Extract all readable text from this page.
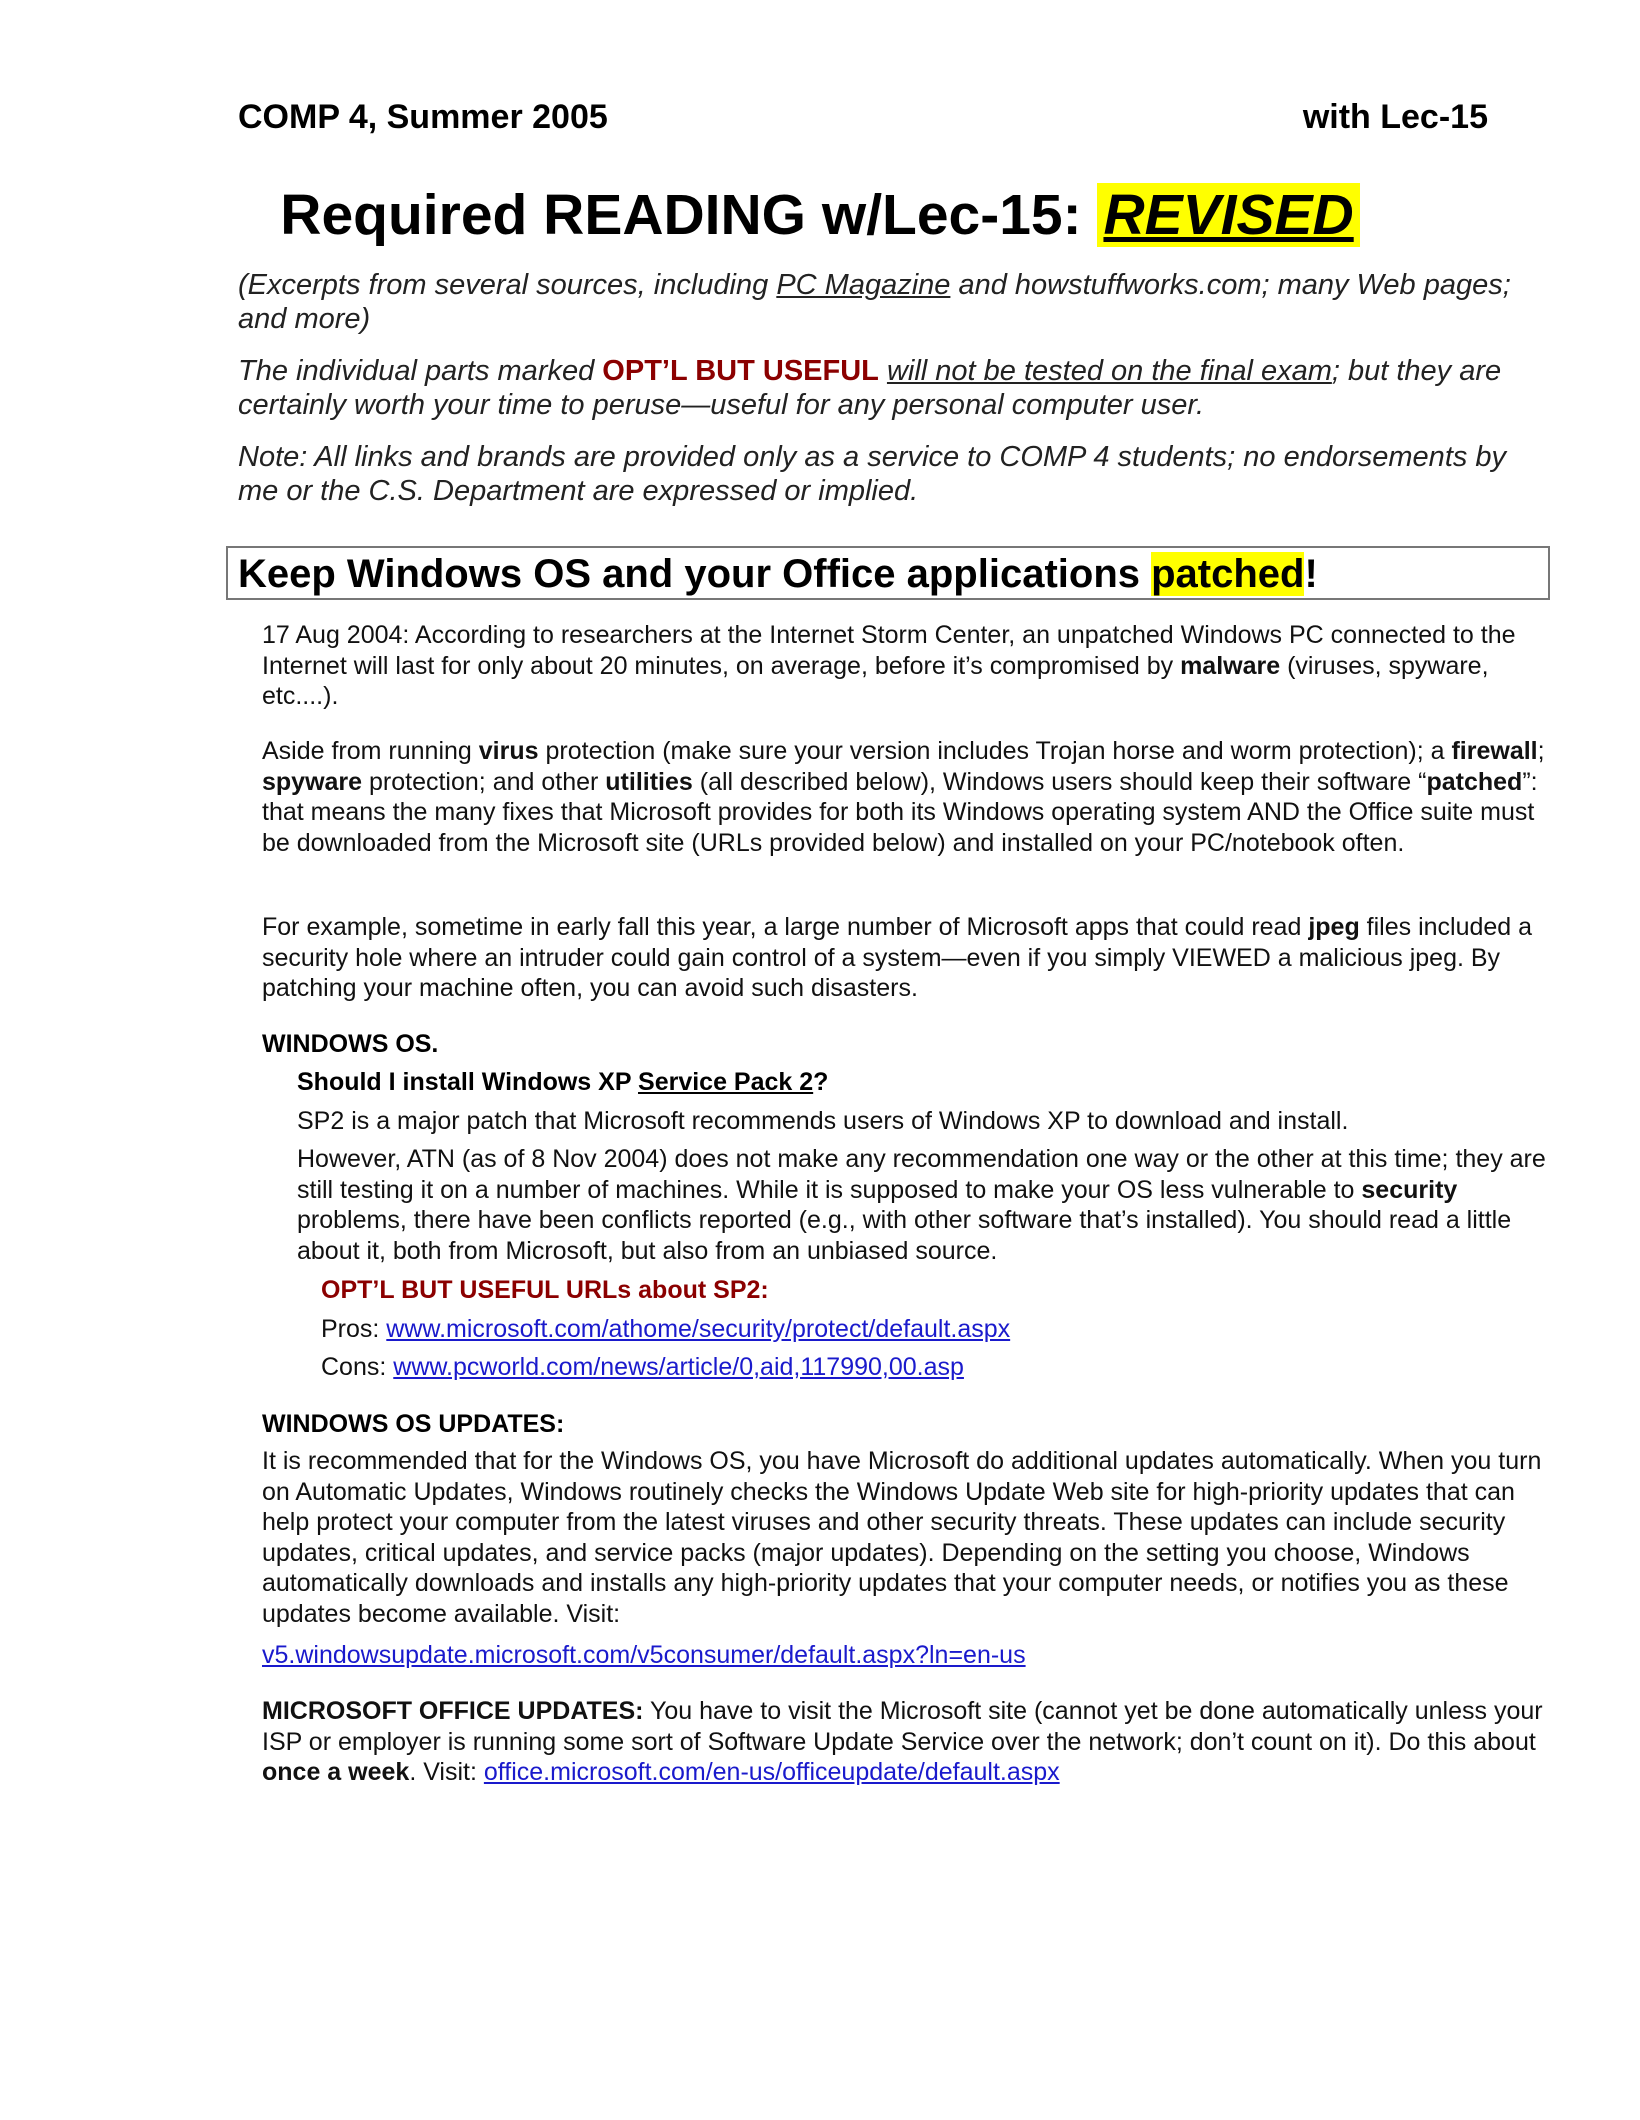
COMP 4, Summer 2005	with Lec-15
Required READING w/Lec-15: REVISED
(Excerpts from several sources, including PC Magazine and howstuffworks.com; many Web pages; and more)
The individual parts marked OPT’L BUT USEFUL will not be tested on the final exam; but they are certainly worth your time to peruse—useful for any personal computer user.
Note: All links and brands are provided only as a service to COMP 4 students; no endorsements by me or the C.S. Department are expressed or implied.
Keep Windows OS and your Office applications patched!
17 Aug 2004: According to researchers at the Internet Storm Center, an unpatched Windows PC connected to the Internet will last for only about 20 minutes, on average, before it’s compromised by malware (viruses, spyware, etc....).
Aside from running virus protection (make sure your version includes Trojan horse and worm protection); a firewall; spyware protection; and other utilities (all described below), Windows users should keep their software “patched”: that means the many fixes that Microsoft provides for both its Windows operating system AND the Office suite must be downloaded from the Microsoft site (URLs provided below) and installed on your PC/notebook often.
For example, sometime in early fall this year, a large number of Microsoft apps that could read jpeg files included a security hole where an intruder could gain control of a system—even if you simply VIEWED a malicious jpeg. By patching your machine often, you can avoid such disasters.
WINDOWS OS.
Should I install Windows XP Service Pack 2?
SP2 is a major patch that Microsoft recommends users of Windows XP to download and install.
However, ATN (as of 8 Nov 2004) does not make any recommendation one way or the other at this time; they are still testing it on a number of machines. While it is supposed to make your OS less vulnerable to security problems, there have been conflicts reported (e.g., with other software that’s installed). You should read a little about it, both from Microsoft, but also from an unbiased source.
OPT’L BUT USEFUL URLs about SP2:
Pros: www.microsoft.com/athome/security/protect/default.aspx
Cons: www.pcworld.com/news/article/0,aid,117990,00.asp
WINDOWS OS UPDATES:
It is recommended that for the Windows OS, you have Microsoft do additional updates automatically. When you turn on Automatic Updates, Windows routinely checks the Windows Update Web site for high-priority updates that can help protect your computer from the latest viruses and other security threats. These updates can include security updates, critical updates, and service packs (major updates). Depending on the setting you choose, Windows automatically downloads and installs any high-priority updates that your computer needs, or notifies you as these updates become available. Visit:
v5.windowsupdate.microsoft.com/v5consumer/default.aspx?ln=en-us
MICROSOFT OFFICE UPDATES: You have to visit the Microsoft site (cannot yet be done automatically unless your ISP or employer is running some sort of Software Update Service over the network; don’t count on it). Do this about once a week. Visit: office.microsoft.com/en-us/officeupdate/default.aspx
